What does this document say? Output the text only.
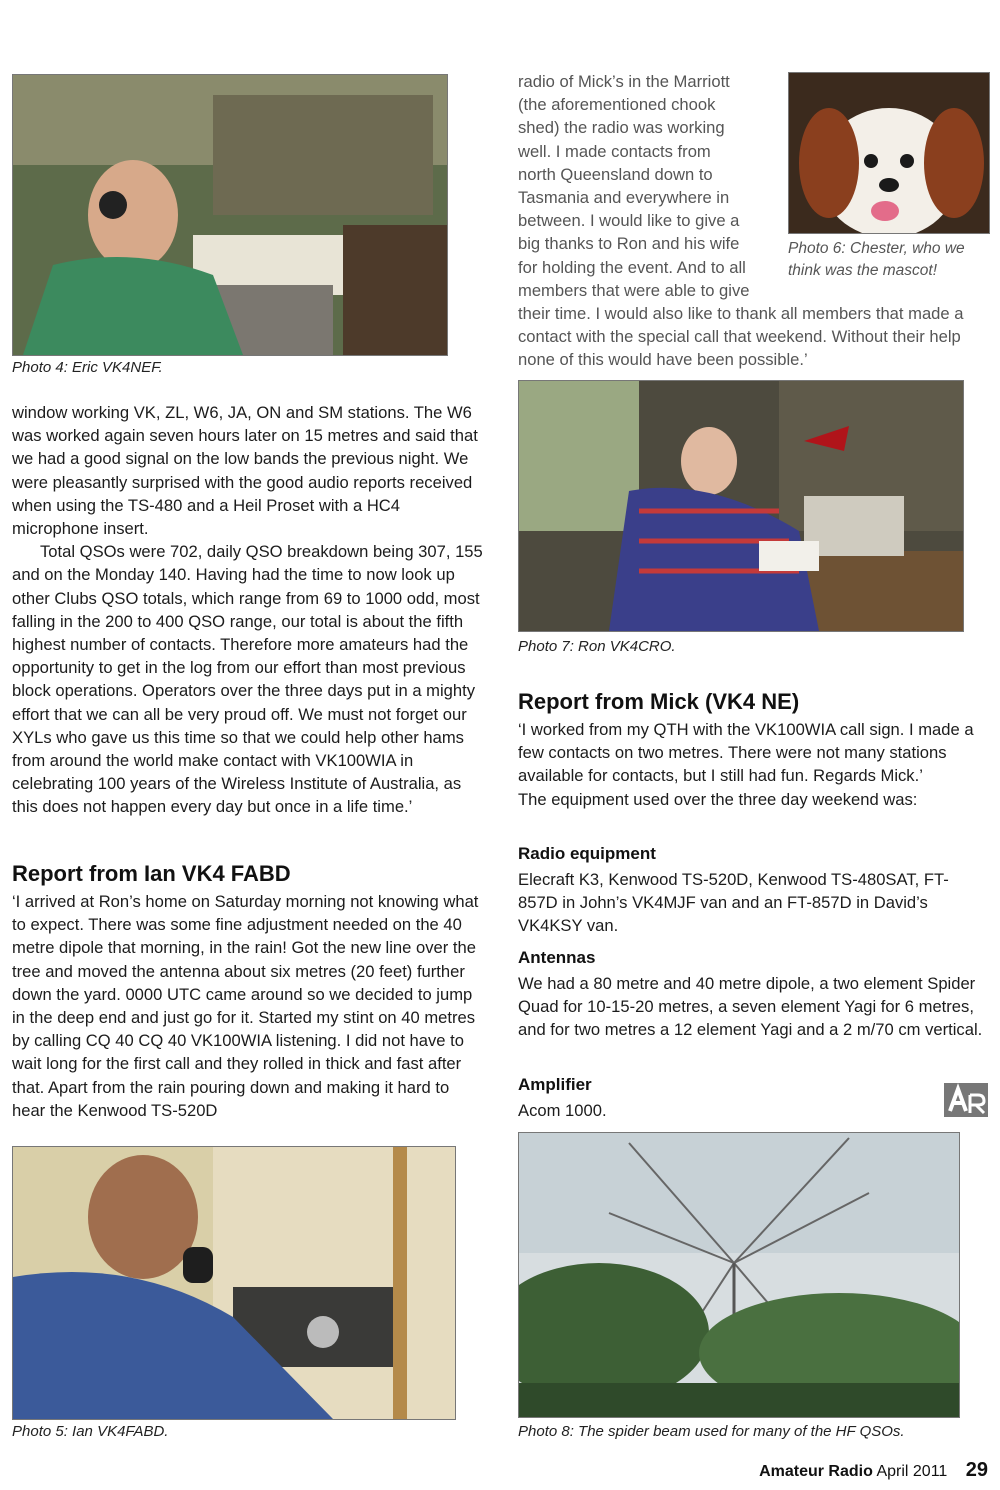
Photo 4: Eric VK4NEF.

window working VK, ZL, W6, JA, ON and SM stations. The W6 was worked again seven hours later on 15 metres and said that we had a good signal on the low bands the previous night. We were pleasantly surprised with the good audio reports received when using the TS-480 and a Heil Proset with a HC4 microphone insert.

Total QSOs were 702, daily QSO breakdown being 307, 155 and on the Monday 140. Having had the time to now look up other Clubs QSO totals, which range from 69 to 1000 odd, most falling in the 200 to 400 QSO range, our total is about the fifth highest number of contacts. Therefore more amateurs had the opportunity to get in the log from our effort than most previous block operations. Operators over the three days put in a mighty effort that we can all be very proud off. We must not forget our XYLs who gave us this time so that we could help other hams from around the world make contact with VK100WIA in celebrating 100 years of the Wireless Institute of Australia, as this does not happen every day but once in a life time.’

Report from Ian VK4 FABD

‘I arrived at Ron’s home on Saturday morning not knowing what to expect. There was some fine adjustment needed on the 40 metre dipole that morning, in the rain! Got the new line over the tree and moved the antenna about six metres (20 feet) further down the yard. 0000 UTC came around so we decided to jump in the deep end and just go for it. Started my stint on 40 metres by calling CQ 40 CQ 40 VK100WIA listening. I did not have to wait long for the first call and they rolled in thick and fast after that. Apart from the rain pouring down and making it hard to hear the Kenwood TS-520D

Photo 5: Ian VK4FABD.
radio of Mick’s in the Marriott
(the aforementioned chook
shed) the radio was working
well. I made contacts from
north Queensland down to
Tasmania and everywhere in
between. I would like to give a
big thanks to Ron and his wife
for holding the event. And to all
members that were able to give
their time. I would also like to thank all members that made a contact with the special call that weekend. Without their help none of this would have been possible.’
Photo 6: Chester, who we think was the mascot!
Photo 7: Ron VK4CRO.
Report from Mick (VK4 NE)

‘I worked from my QTH with the VK100WIA call sign. I made a few contacts on two metres. There were not many stations available for contacts, but I still had fun. Regards Mick.’

The equipment used over the three day weekend was:

Radio equipment
Elecraft K3, Kenwood TS-520D, Kenwood TS-480SAT, FT-857D in John’s VK4MJF van and an FT-857D in David’s VK4KSY van.
Antennas
We had a 80 metre and 40 metre dipole, a two element Spider Quad for 10-15-20 metres, a seven element Yagi for 6 metres, and for two metres a 12 element Yagi and a 2 m/70 cm vertical.
Amplifier
Acom 1000.
Photo 8: The spider beam used for many of the HF QSOs.
Amateur Radio April 2011 29
